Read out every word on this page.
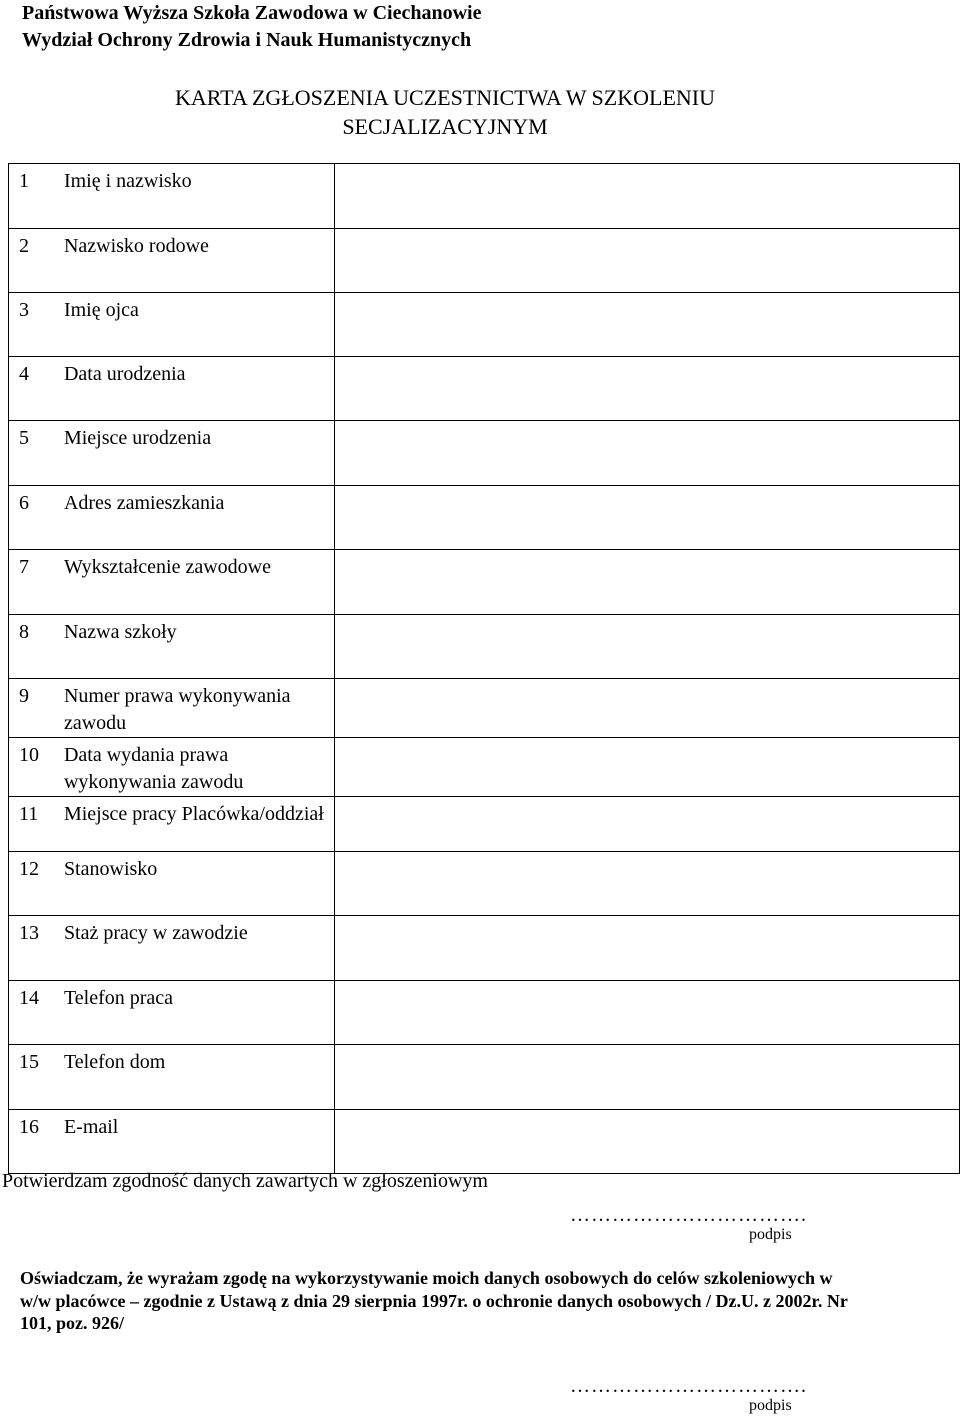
Państwowa Wyższa Szkoła Zawodowa w Ciechanowie
Wydział Ochrony Zdrowia i Nauk Humanistycznych
KARTA ZGŁOSZENIA UCZESTNICTWA W SZKOLENIU
SECJALIZACYJNYM
1	Imię i nazwisko	
2	Nazwisko rodowe	
3	Imię ojca	
4	Data urodzenia	
5	Miejsce urodzenia	
6	Adres zamieszkania	
7	Wykształcenie zawodowe	
8	Nazwa szkoły	
9	Numer prawa wykonywania zawodu	
10	Data wydania prawa wykonywania zawodu	
11	Miejsce pracy Placówka/oddział	
12	Stanowisko	
13	Staż pracy w zawodzie	
14	Telefon praca	
15	Telefon dom	
16	E-mail	
Potwierdzam zgodność danych zawartych w zgłoszeniowym
…………………………….
podpis
Oświadczam, że wyrażam zgodę na wykorzystywanie moich danych osobowych do celów szkoleniowych w w/w placówce – zgodnie z Ustawą z dnia 29 sierpnia 1997r. o ochronie danych osobowych / Dz.U. z 2002r. Nr 101, poz. 926/
…………………………….
podpis
